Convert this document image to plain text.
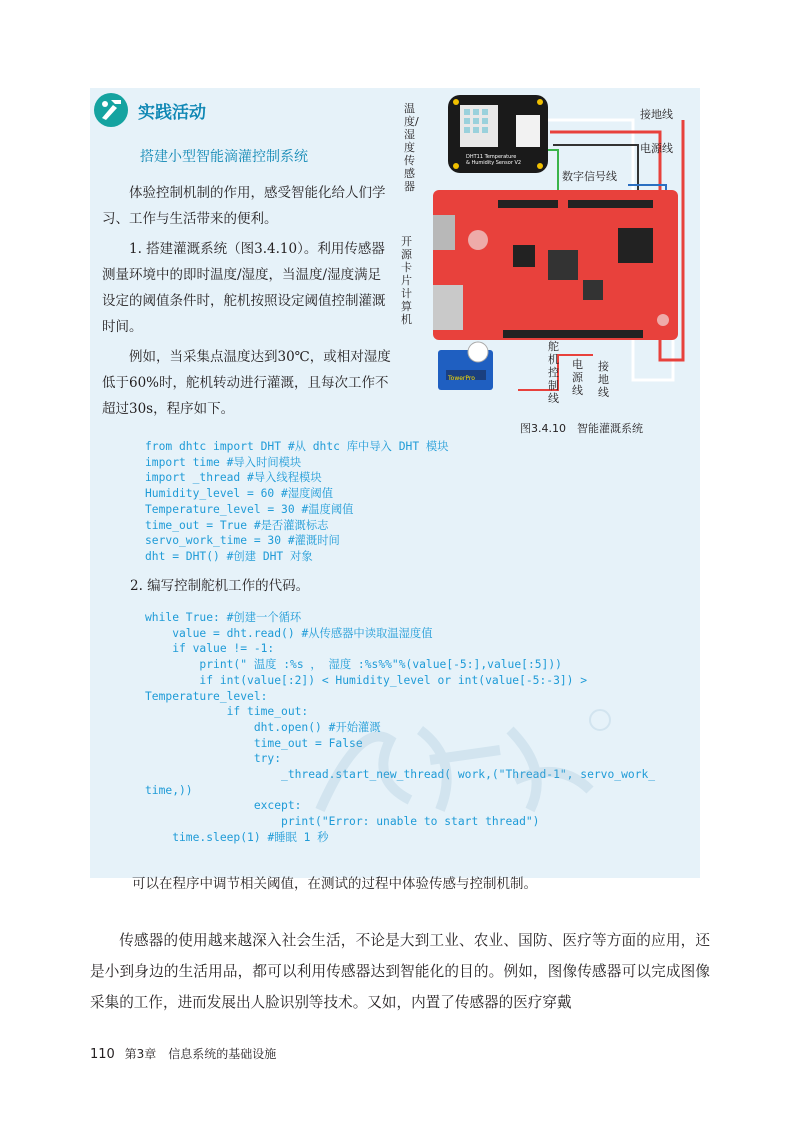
实践活动
搭建小型智能滴灌控制系统

体验控制机制的作用，感受智能化给人们学习、工作与生活带来的便利。

1. 搭建灌溉系统（图3.4.10）。利用传感器测量环境中的即时温度/湿度，当温度/湿度满足设定的阈值条件时，舵机按照设定阈值控制灌溉时间。

例如，当采集点温度达到30℃，或相对湿度低于60%时，舵机转动进行灌溉，且每次工作不超过30s，程序如下。

DHT11 Temperature
& Humidity Sensor V2
TowerPro
温度/湿度传感器
开源卡片计算机
舵机控制线
电源线
接地线
接地线
电源线
数字信号线
图3.4.10　智能灌溉系统
from dhtc import DHT #从 dhtc 库中导入 DHT 模块
import time #导入时间模块
import _thread #导入线程模块
Humidity_level = 60 #湿度阈值
Temperature_level = 30 #温度阈值
time_out = True #是否灌溉标志
servo_work_time = 30 #灌溉时间
dht = DHT() #创建 DHT 对象
2. 编写控制舵机工作的代码。
while True: #创建一个循环
value = dht.read() #从传感器中读取温湿度值
if value != -1:
print(" 温度 :%s ， 湿度 :%s%%"%(value[-5:],value[:5]))
if int(value[:2]) < Humidity_level or int(value[-5:-3]) >
Temperature_level:
if time_out:
dht.open() #开始灌溉
time_out = False
try:
_thread.start_new_thread( work,("Thread-1", servo_work_
time,))
except:
print("Error: unable to start thread")
time.sleep(1) #睡眠 1 秒
可以在程序中调节相关阈值，在测试的过程中体验传感与控制机制。

传感器的使用越来越深入社会生活，不论是大到工业、农业、国防、医疗等方面的应用，还是小到身边的生活用品，都可以利用传感器达到智能化的目的。例如，图像传感器可以完成图像采集的工作，进而发展出人脸识别等技术。又如，内置了传感器的医疗穿戴

110 第3章　信息系统的基础设施
